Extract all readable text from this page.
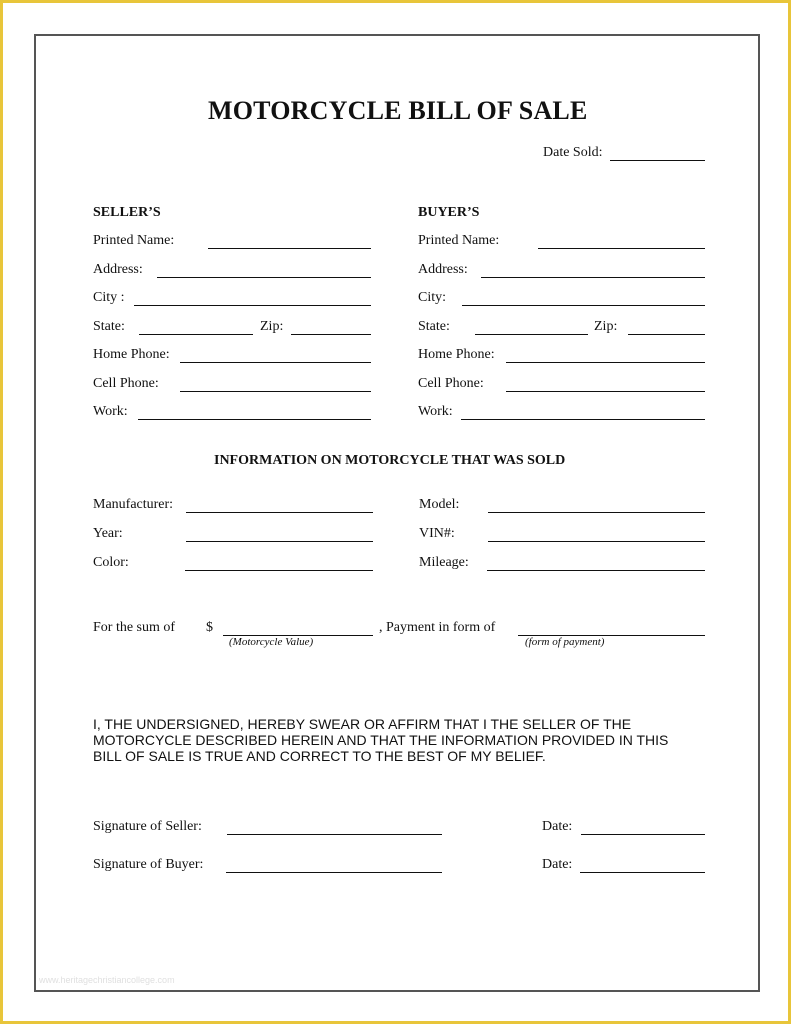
MOTORCYCLE BILL OF SALE
Date Sold:
SELLER’S
Printed Name:
Address:
City :
State:	Zip:
Home Phone:
Cell Phone:
Work:
BUYER’S
Printed Name:
Address:
City:
State:	Zip:
Home Phone:
Cell Phone:
Work:
INFORMATION ON MOTORCYCLE THAT WAS SOLD
Manufacturer:
Year:
Color:
Model:
VIN#:
Mileage:
For the sum of $
(Motorcycle Value)
, Payment in form of
(form of payment)
I, THE UNDERSIGNED, HEREBY SWEAR OR AFFIRM THAT I THE SELLER OF THE
MOTORCYCLE DESCRIBED HEREIN AND THAT THE INFORMATION PROVIDED IN THIS
BILL OF SALE IS TRUE AND CORRECT TO THE BEST OF MY BELIEF.
Signature of Seller:	Date:
Signature of Buyer:	Date:
www.heritagechristiancollege.com
